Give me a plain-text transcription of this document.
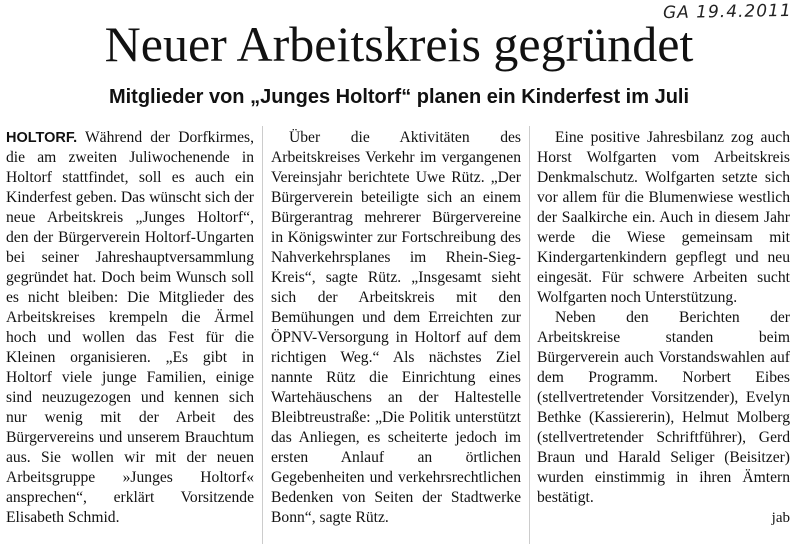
GA 19.4.2011
Neuer Arbeitskreis gegründet
Mitglieder von „Junges Holtorf“ planen ein Kinderfest im Juli

HOLTORF. Während der Dorfkirmes, die am zweiten Juliwochenende in Holtorf stattfindet, soll es auch ein Kinderfest geben. Das wünscht sich der neue Arbeitskreis „Junges Holtorf“, den der Bürgerverein Holtorf-Ungarten bei seiner Jahreshauptversammlung gegründet hat. Doch beim Wunsch soll es nicht bleiben: Die Mitglieder des Arbeitskreises krempeln die Ärmel hoch und wollen das Fest für die Kleinen organisieren. „Es gibt in Holtorf viele junge Familien, einige sind neuzugezogen und kennen sich nur wenig mit der Arbeit des Bürgervereins und unserem Brauchtum aus. Sie wollen wir mit der neuen Arbeitsgruppe »Junges Holtorf« ansprechen“, erklärt Vorsitzende Elisabeth Schmid.

Über die Aktivitäten des Arbeitskreises Verkehr im vergangenen Vereinsjahr berichtete Uwe Rütz. „Der Bürgerverein beteiligte sich an einem Bürgerantrag mehrerer Bürgervereine in Königswinter zur Fortschreibung des Nahverkehrsplanes im Rhein-Sieg-Kreis“, sagte Rütz. „Insgesamt sieht sich der Arbeitskreis mit den Bemühungen und dem Erreichten zur ÖPNV-Versorgung in Holtorf auf dem richtigen Weg.“ Als nächstes Ziel nannte Rütz die Einrichtung eines Wartehäuschens an der Haltestelle Bleibtreustraße: „Die Politik unterstützt das Anliegen, es scheiterte jedoch im ersten Anlauf an örtlichen Gegebenheiten und verkehrsrechtlichen Bedenken von Seiten der Stadtwerke Bonn“, sagte Rütz.

Eine positive Jahresbilanz zog auch Horst Wolfgarten vom Arbeitskreis Denkmalschutz. Wolfgarten setzte sich vor allem für die Blumenwiese westlich der Saalkirche ein. Auch in diesem Jahr werde die Wiese gemeinsam mit Kindergartenkindern gepflegt und neu eingesät. Für schwere Arbeiten sucht Wolfgarten noch Unterstützung.

Neben den Berichten der Arbeitskreise standen beim Bürgerverein auch Vorstandswahlen auf dem Programm. Norbert Eibes (stellvertretender Vorsitzender), Evelyn Bethke (Kassiererin), Helmut Molberg (stellvertretender Schriftführer), Gerd Braun und Harald Seliger (Beisitzer) wurden einstimmig in ihren Ämtern bestätigt.

jab
